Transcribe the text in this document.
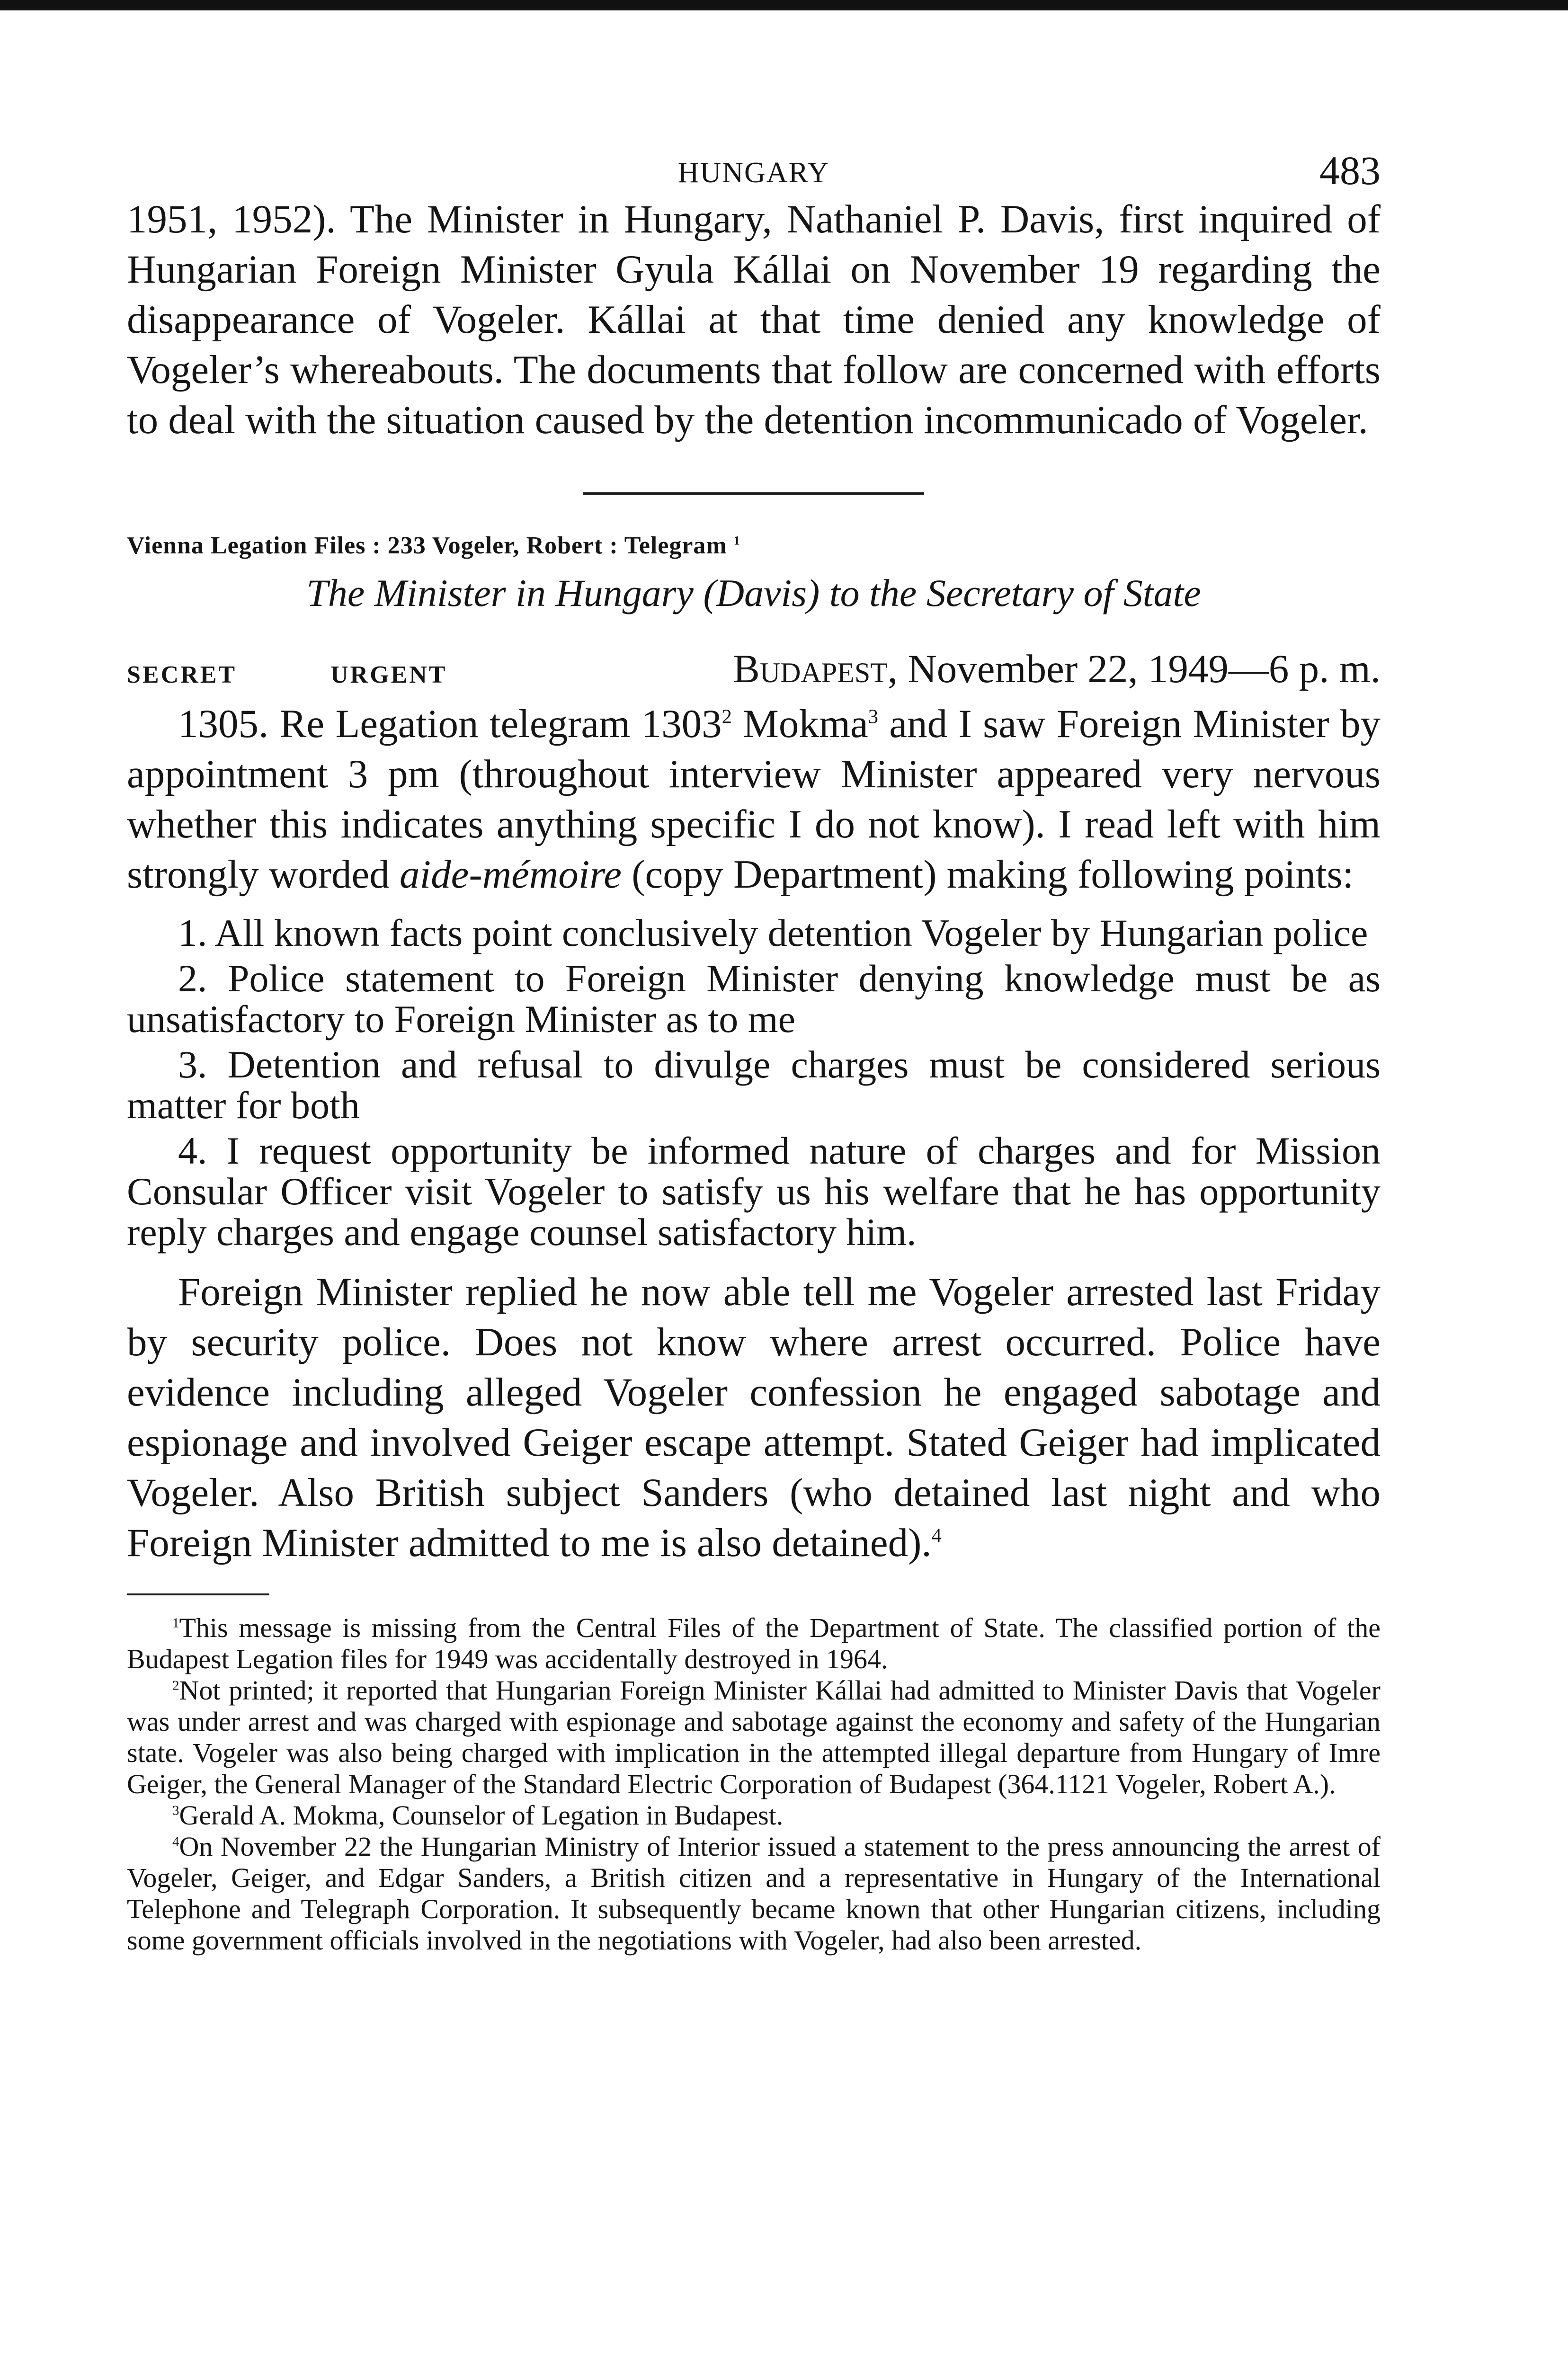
HUNGARY	483

1951, 1952). The Minister in Hungary, Nathaniel P. Davis, first inquired of Hungarian Foreign Minister Gyula Kállai on November 19 regarding the disappearance of Vogeler. Kállai at that time denied any knowledge of Vogeler’s whereabouts. The documents that follow are concerned with efforts to deal with the situation caused by the detention incommunicado of Vogeler.

Vienna Legation Files : 233 Vogeler, Robert : Telegram $^1$
The Minister in Hungary (Davis) to the Secretary of State
SECRET	URGENT	Budapest, November 22, 1949—6 p. m.

1305. Re Legation telegram 1303$^2$ Mokma$^3$ and I saw Foreign Minister by appointment 3 pm (throughout interview Minister appeared very nervous whether this indicates anything specific I do not know). I read left with him strongly worded aide-mémoire (copy Department) making following points:

1. All known facts point conclusively detention Vogeler by Hungarian police
2. Police statement to Foreign Minister denying knowledge must be as unsatisfactory to Foreign Minister as to me
3. Detention and refusal to divulge charges must be considered serious matter for both
4. I request opportunity be informed nature of charges and for Mission Consular Officer visit Vogeler to satisfy us his welfare that he has opportunity reply charges and engage counsel satisfactory him.

Foreign Minister replied he now able tell me Vogeler arrested last Friday by security police. Does not know where arrest occurred. Police have evidence including alleged Vogeler confession he engaged sabotage and espionage and involved Geiger escape attempt. Stated Geiger had implicated Vogeler. Also British subject Sanders (who detained last night and who Foreign Minister admitted to me is also detained).$^4$

$^1$This message is missing from the Central Files of the Department of State. The classified portion of the Budapest Legation files for 1949 was accidentally destroyed in 1964.

$^2$Not printed; it reported that Hungarian Foreign Minister Kállai had admitted to Minister Davis that Vogeler was under arrest and was charged with espionage and sabotage against the economy and safety of the Hungarian state. Vogeler was also being charged with implication in the attempted illegal departure from Hungary of Imre Geiger, the General Manager of the Standard Electric Corporation of Budapest (364.1121 Vogeler, Robert A.).

$^3$Gerald A. Mokma, Counselor of Legation in Budapest.

$^4$On November 22 the Hungarian Ministry of Interior issued a statement to the press announcing the arrest of Vogeler, Geiger, and Edgar Sanders, a British citizen and a representative in Hungary of the International Telephone and Telegraph Corporation. It subsequently became known that other Hungarian citizens, including some government officials involved in the negotiations with Vogeler, had also been arrested.
